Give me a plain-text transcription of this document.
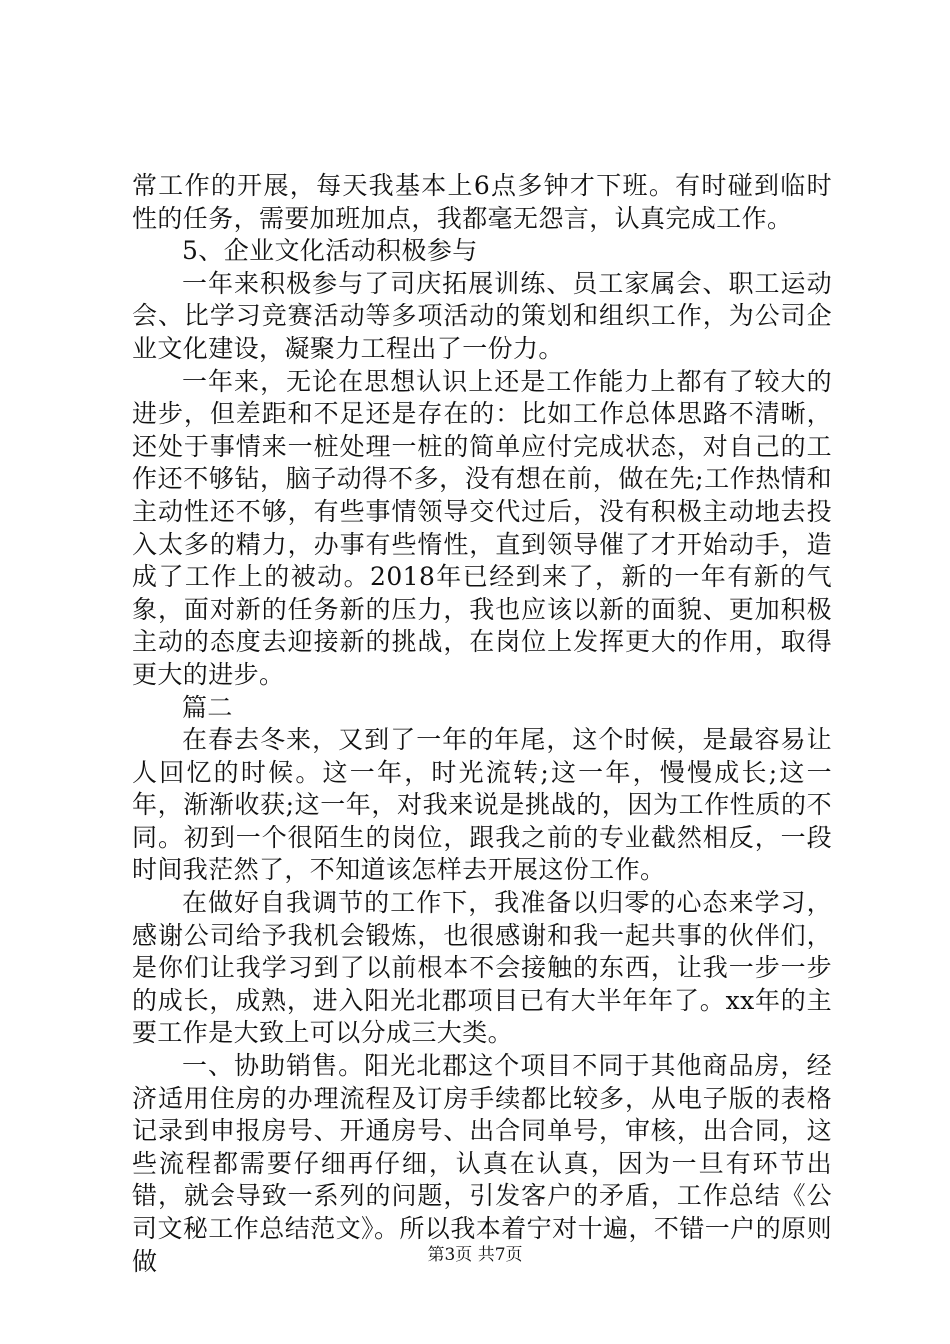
常工作的开展，每天我基本上6点多钟才下班。有时碰到临时性的任务，需要加班加点，我都毫无怨言，认真完成工作。

5、企业文化活动积极参与

一年来积极参与了司庆拓展训练、员工家属会、职工运动会、比学习竞赛活动等多项活动的策划和组织工作，为公司企业文化建设，凝聚力工程出了一份力。

一年来，无论在思想认识上还是工作能力上都有了较大的进步，但差距和不足还是存在的：比如工作总体思路不清晰，还处于事情来一桩处理一桩的简单应付完成状态，对自己的工作还不够钻，脑子动得不多，没有想在前，做在先;工作热情和主动性还不够，有些事情领导交代过后，没有积极主动地去投入太多的精力，办事有些惰性，直到领导催了才开始动手，造成了工作上的被动。2018年已经到来了，新的一年有新的气象，面对新的任务新的压力，我也应该以新的面貌、更加积极主动的态度去迎接新的挑战，在岗位上发挥更大的作用，取得更大的进步。

篇二

在春去冬来，又到了一年的年尾，这个时候，是最容易让人回忆的时候。这一年，时光流转;这一年，慢慢成长;这一年，渐渐收获;这一年，对我来说是挑战的，因为工作性质的不同。初到一个很陌生的岗位，跟我之前的专业截然相反，一段时间我茫然了，不知道该怎样去开展这份工作。

在做好自我调节的工作下，我准备以归零的心态来学习，感谢公司给予我机会锻炼，也很感谢和我一起共事的伙伴们，是你们让我学习到了以前根本不会接触的东西，让我一步一步的成长，成熟，进入阳光北郡项目已有大半年年了。xx年的主要工作是大致上可以分成三大类。

一、协助销售。阳光北郡这个项目不同于其他商品房，经济适用住房的办理流程及订房手续都比较多，从电子版的表格记录到申报房号、开通房号、出合同单号，审核，出合同，这些流程都需要仔细再仔细，认真在认真，因为一旦有环节出错，就会导致一系列的问题，引发客户的矛盾，工作总结《公司文秘工作总结范文》。所以我本着宁对十遍，不错一户的原则做	第3页 共7页
